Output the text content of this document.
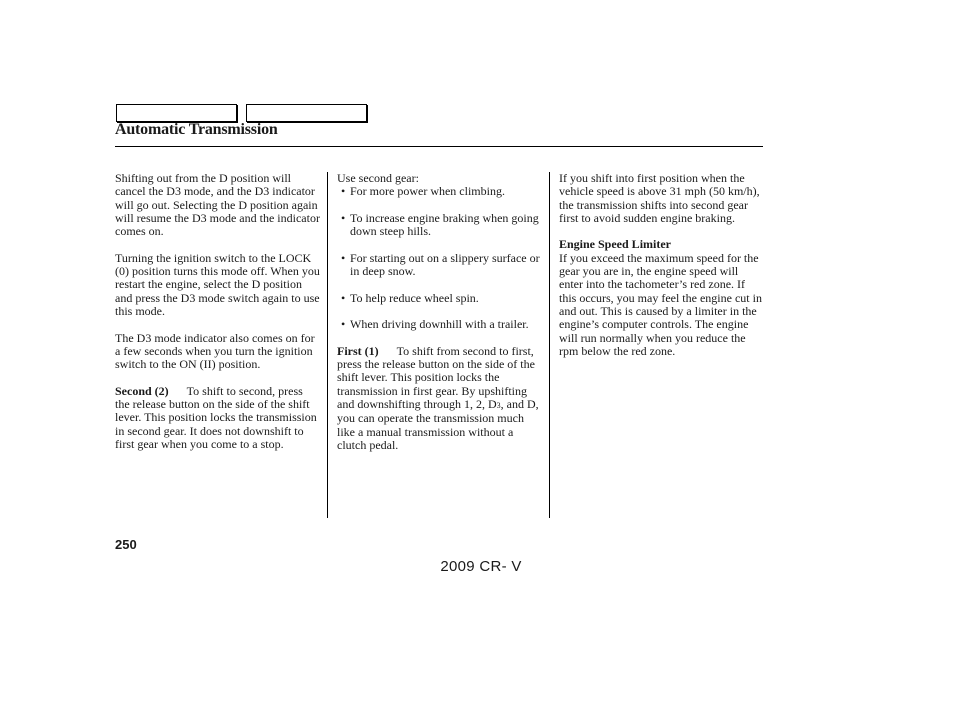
Automatic Transmission

Shifting out from the D position will cancel the D3 mode, and the D3 indicator will go out. Selecting the D position again will resume the D3 mode and the indicator comes on.

Turning the ignition switch to the LOCK (0) position turns this mode off. When you restart the engine, select the D position and press the D3 mode switch again to use this mode.

The D3 mode indicator also comes on for a few seconds when you turn the ignition switch to the ON (II) position.

Second (2) To shift to second, press the release button on the side of the shift lever. This position locks the transmission in second gear. It does not downshift to first gear when you come to a stop.

Use second gear:

• For more power when climbing.
• To increase engine braking when going down steep hills.
• For starting out on a slippery surface or in deep snow.
• To help reduce wheel spin.
• When driving downhill with a trailer.

First (1) To shift from second to first, press the release button on the side of the shift lever. This position locks the transmission in first gear. By upshifting and downshifting through 1, 2, D3, and D, you can operate the transmission much like a manual transmission without a clutch pedal.

If you shift into first position when the vehicle speed is above 31 mph (50 km/h), the transmission shifts into second gear first to avoid sudden engine braking.

Engine Speed Limiter

If you exceed the maximum speed for the gear you are in, the engine speed will enter into the tachometer’s red zone. If this occurs, you may feel the engine cut in and out. This is caused by a limiter in the engine’s computer controls. The engine will run normally when you reduce the rpm below the red zone.

250
2009 CR- V
